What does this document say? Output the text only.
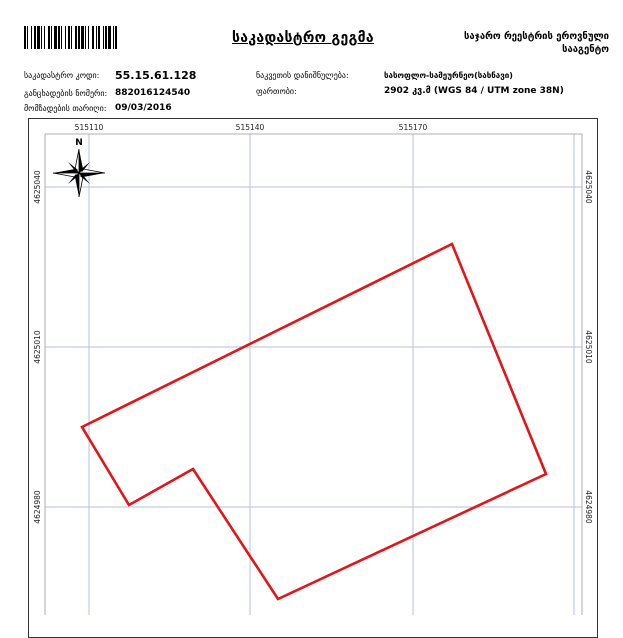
საკადასტრო გეგმა	საჯარო რეესტრის ეროვნული
სააგენტო
საკადასტრო კოდი: 55.15.61.128
განცხადების ნომერი: 882016124540
მომზადების თარიღი: 09/03/2016
ნაკვეთის დანიშნულება:	სასოფლო-სამეურნეო(სახნავი)
ფართობი:	2902 კვ.მ (WGS 84 / UTM zone 38N)
515110	515140	515170
4625040
4625010
4624980
4625040
4625010
4624980
N
